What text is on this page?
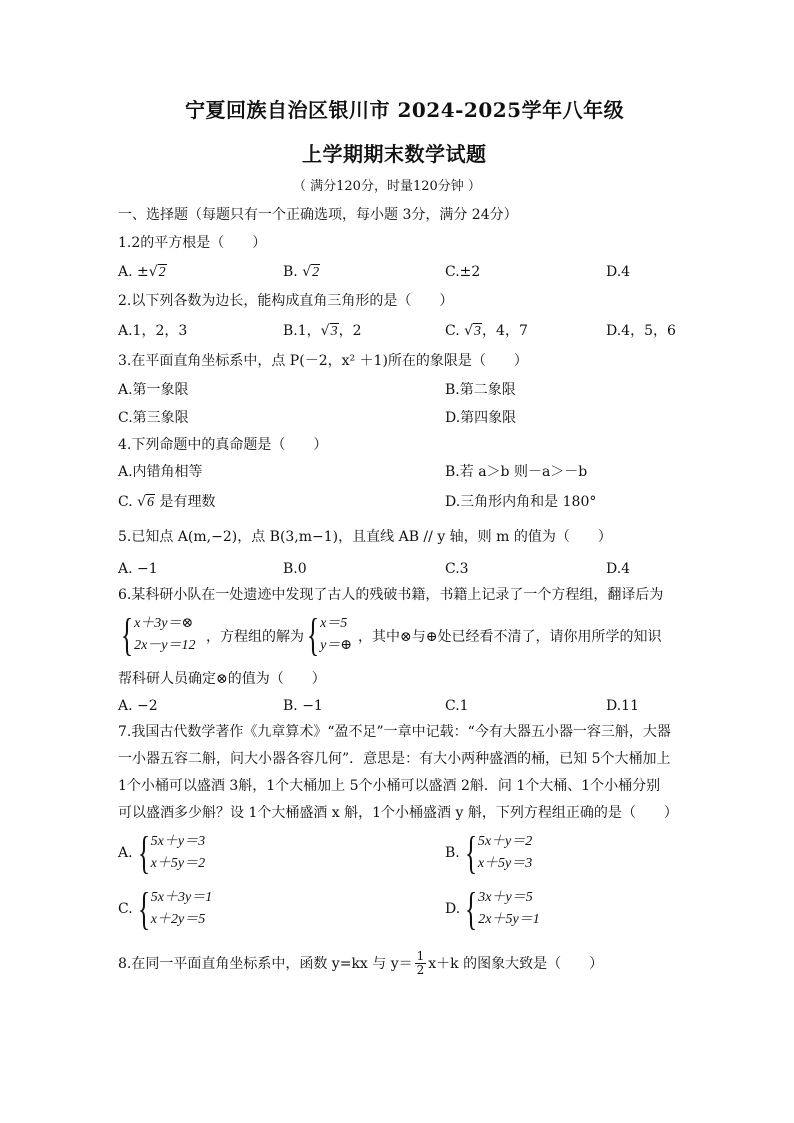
宁夏回族自治区银川市 2024-2025学年八年级
上学期期末数学试题
（ 满分120分，时量120分钟 ）
一、选择题（每题只有一个正确选项，每小题 3分，满分 24分）
1.2的平方根是（　　）
A. ±√2	B. √2	C.±2	D.4
2.以下列各数为边长，能构成直角三角形的是（　　）
A.1，2，3	B.1，√3，2	C. √3，4，7	D.4，5，6
3.在平面直角坐标系中，点 P(－2，x² ＋1)所在的象限是（　　）
A.第一象限	B.第二象限
C.第三象限	D.第四象限
4.下列命题中的真命题是（　　）
A.内错角相等	B.若 a＞b 则－a＞－b
C. √6 是有理数	D.三角形内角和是 180°
5.已知点 A(m,−2)，点 B(3,m−1)，且直线 AB // y 轴，则 m 的值为（　　）
A. −1	B.0	C.3	D.4
6.某科研小队在一处遗迹中发现了古人的残破书籍，书籍上记录了一个方程组，翻译后为
{ x＋3y＝⊗
2x－y＝12
，方程组的解为 { x＝5
y＝⊕
，其中⊗与⊕处已经看不清了，请你用所学的知识
帮科研人员确定⊗的值为（　　）
A. −2	B. −1	C.1	D.11
7.我国古代数学著作《九章算术》“盈不足”一章中记载：“今有大器五小器一容三斛，大器
一小器五容二斛，问大小器各容几何”．意思是：有大小两种盛酒的桶，已知 5个大桶加上
1个小桶可以盛酒 3斛，1个大桶加上 5个小桶可以盛酒 2斛．问 1个大桶、1个小桶分别
可以盛酒多少斛？设 1个大桶盛酒 x 斛，1个小桶盛酒 y 斛，下列方程组正确的是（　　）
A. { 5x＋y＝3
x＋5y＝2
B. { 5x＋y＝2
x＋5y＝3
C. { 5x＋3y＝1
x＋2y＝5
D. { 3x＋y＝5
2x＋5y＝1
8.在同一平面直角坐标系中，函数 y=kx 与 $y= \frac{1}{2} x+k$ 的图象大致是（　　）
